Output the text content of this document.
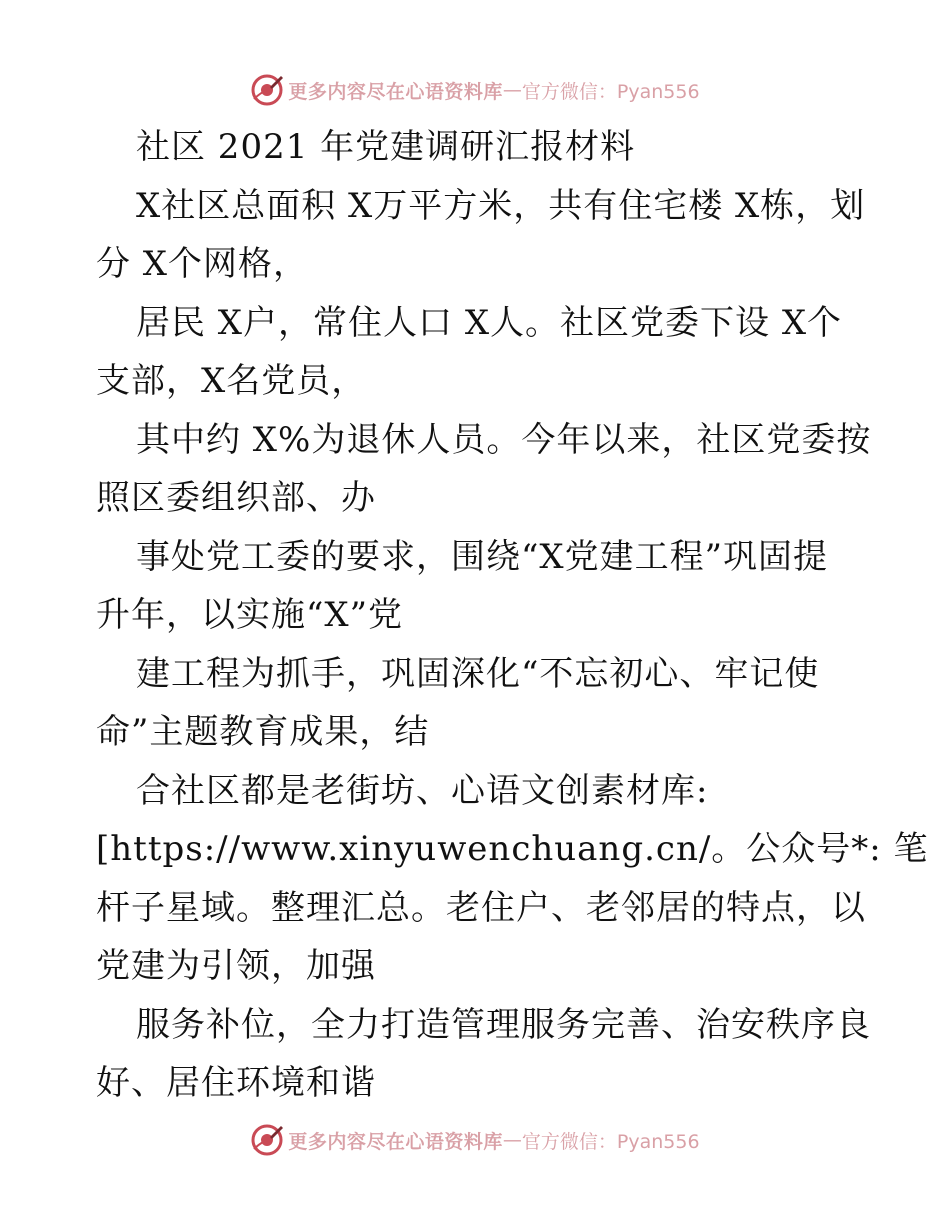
更多内容尽在心语资料库 — 官方微信：Pyan556
社区 2021 年党建调研汇报材料
X社区总面积 X万平方米，共有住宅楼 X栋，划
分 X个网格，
居民 X户，常住人口 X人。社区党委下设 X个
支部，X名党员，
其中约 X%为退休人员。今年以来，社区党委按
照区委组织部、办
事处党工委的要求，围绕“X党建工程”巩固提
升年，以实施“X”党
建工程为抓手，巩固深化“不忘初心、牢记使
命”主题教育成果，结
合社区都是老街坊、心语文创素材库:
[https://www.xinyuwenchuang.cn/。公众号*: 笔
杆子星域。整理汇总。老住户、老邻居的特点，以
党建为引领，加强
服务补位，全力打造管理服务完善、治安秩序良
好、居住环境和谐
更多内容尽在心语资料库 — 官方微信：Pyan556
